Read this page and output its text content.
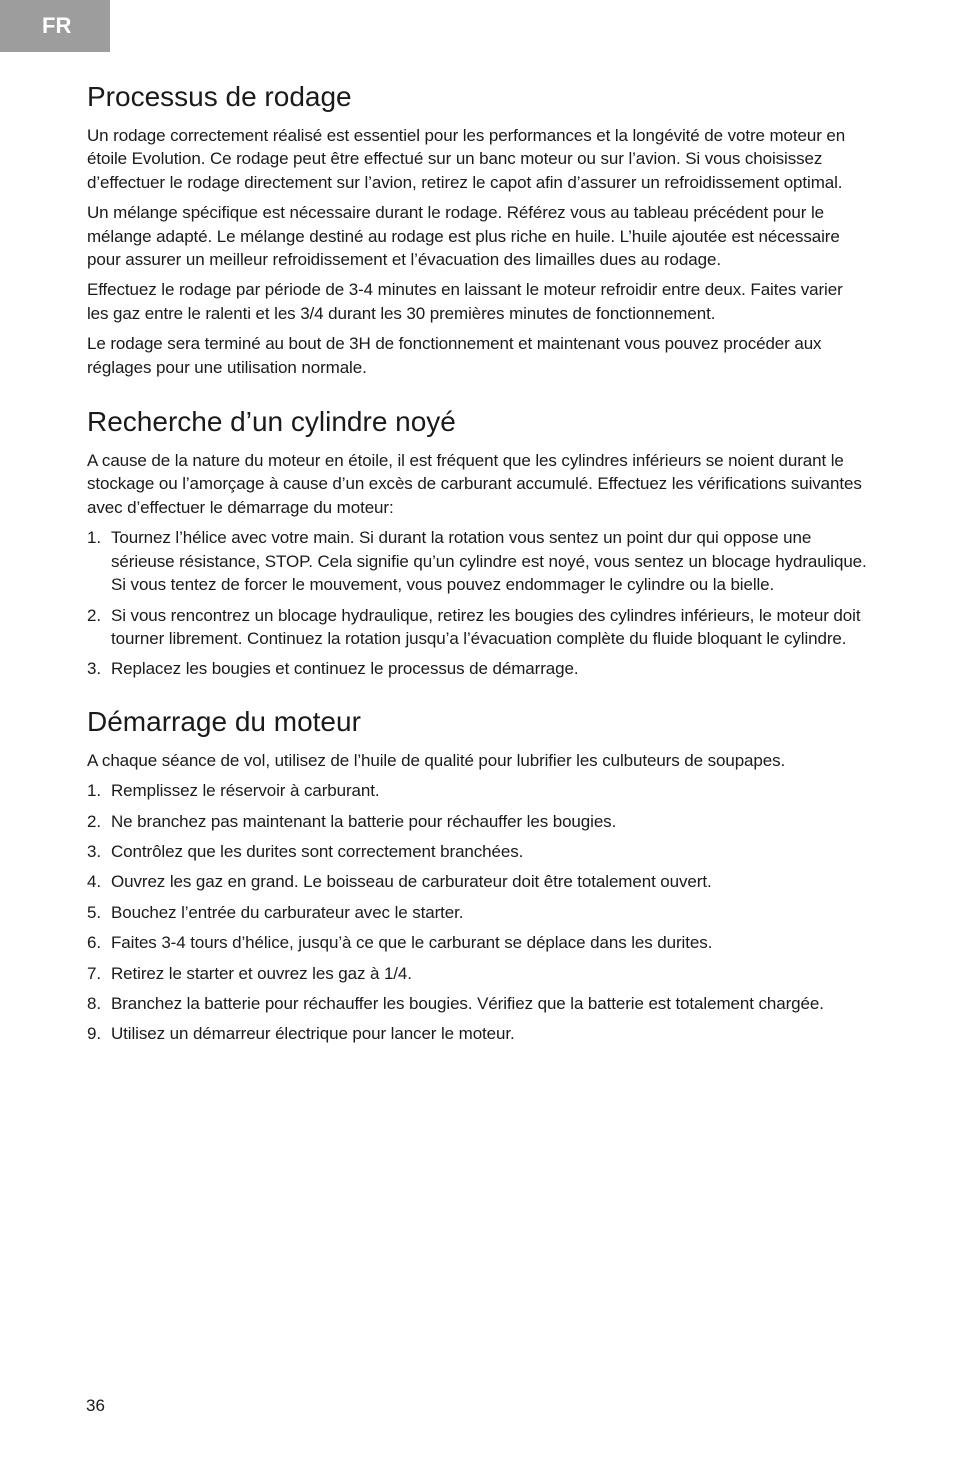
FR
Processus de rodage

Un rodage correctement réalisé est essentiel pour les performances et la longévité de votre moteur en étoile Evolution. Ce rodage peut être effectué sur un banc moteur ou sur l’avion. Si vous choisissez d’effectuer le rodage directement sur l’avion, retirez le capot afin d’assurer un refroidissement optimal.

Un mélange spécifique est nécessaire durant le rodage. Référez vous au tableau précédent pour le mélange adapté. Le mélange destiné au rodage est plus riche en huile. L’huile ajoutée est nécessaire pour assurer un meilleur refroidissement et l’évacuation des limailles dues au rodage.

Effectuez le rodage par période de 3-4 minutes en laissant le moteur refroidir entre deux. Faites varier les gaz entre le ralenti et les 3/4 durant les 30 premières minutes de fonctionnement.

Le rodage sera terminé au bout de 3H de fonctionnement et maintenant vous pouvez procéder aux réglages pour une utilisation normale.

Recherche d’un cylindre noyé

A cause de la nature du moteur en étoile, il est fréquent que les cylindres inférieurs se noient durant le stockage ou l’amorçage à cause d’un excès de carburant accumulé. Effectuez les vérifications suivantes avec d’effectuer le démarrage du moteur:

1. Tournez l’hélice avec votre main. Si durant la rotation vous sentez un point dur qui oppose une sérieuse résistance, STOP. Cela signifie qu’un cylindre est noyé, vous sentez un blocage hydraulique. Si vous tentez de forcer le mouvement, vous pouvez endommager le cylindre ou la bielle.
2. Si vous rencontrez un blocage hydraulique, retirez les bougies des cylindres inférieurs, le moteur doit tourner librement. Continuez la rotation jusqu’a l’évacuation complète du fluide bloquant le cylindre.
3. Replacez les bougies et continuez le processus de démarrage.
Démarrage du moteur

A chaque séance de vol, utilisez de l’huile de qualité pour lubrifier les culbuteurs de soupapes.

1. Remplissez le réservoir à carburant.
2. Ne branchez pas maintenant la batterie pour réchauffer les bougies.
3. Contrôlez que les durites sont correctement branchées.
4. Ouvrez les gaz en grand. Le boisseau de carburateur doit être totalement ouvert.
5. Bouchez l’entrée du carburateur avec le starter.
6. Faites 3-4 tours d’hélice, jusqu’à ce que le carburant se déplace dans les durites.
7. Retirez le starter et ouvrez les gaz à 1/4.
8. Branchez la batterie pour réchauffer les bougies. Vérifiez que la batterie est totalement chargée.
9. Utilisez un démarreur électrique pour lancer le moteur.
36
